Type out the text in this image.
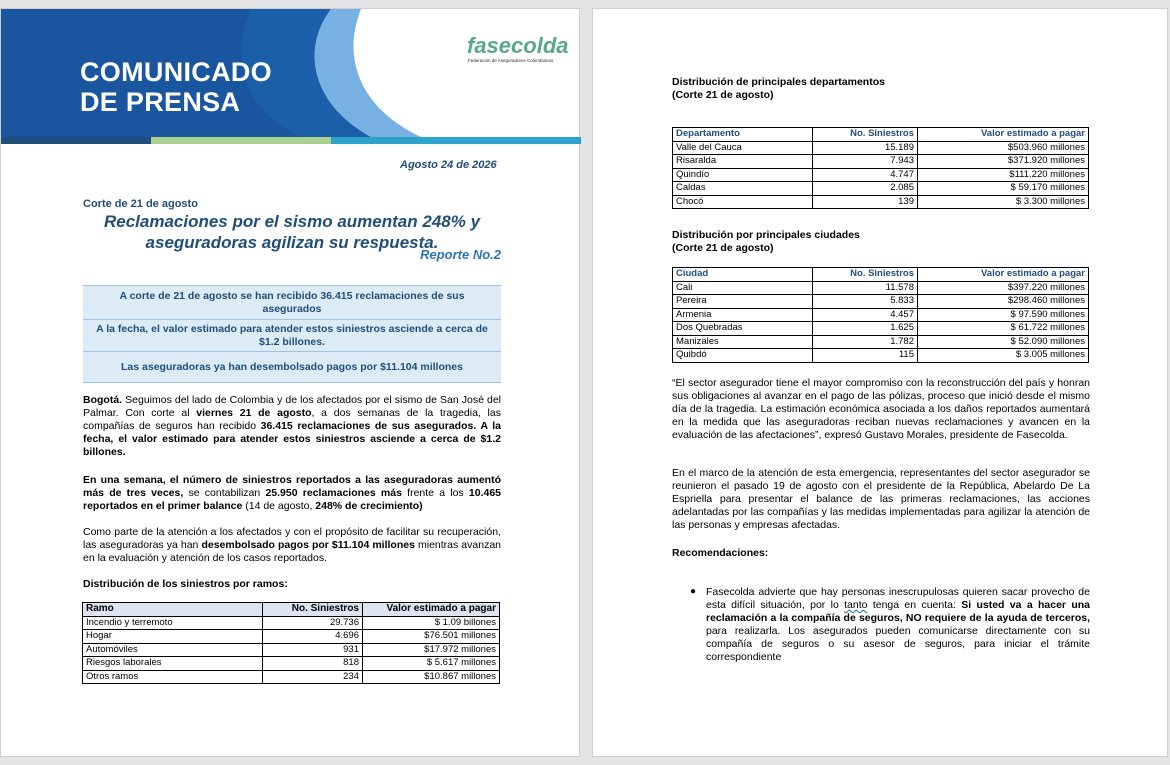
COMUNICADO
DE PRENSA
fasecolda
Federación de Aseguradores Colombianos
Agosto 24 de 2026
Corte de 21 de agosto
Reclamaciones por el sismo aumentan 248% y aseguradoras agilizan su respuesta.
Reporte No.2
A corte de 21 de agosto se han recibido 36.415 reclamaciones de sus asegurados
A la fecha, el valor estimado para atender estos siniestros asciende a cerca de $1.2 billones.
Las aseguradoras ya han desembolsado pagos por $11.104 millones
Bogotá. Seguimos del lado de Colombia y de los afectados por el sismo de San José del Palmar. Con corte al viernes 21 de agosto, a dos semanas de la tragedia, las compañías de seguros han recibido 36.415 reclamaciones de sus asegurados. A la fecha, el valor estimado para atender estos siniestros asciende a cerca de $1.2 billones.
En una semana, el número de siniestros reportados a las aseguradoras aumentó más de tres veces, se contabilizan 25.950 reclamaciones más frente a los 10.465 reportados en el primer balance (14 de agosto, 248% de crecimiento)
Como parte de la atención a los afectados y con el propósito de facilitar su recuperación, las aseguradoras ya han desembolsado pagos por $11.104 millones mientras avanzan en la evaluación y atención de los casos reportados.
Distribución de los siniestros por ramos:
Ramo	No. Siniestros	Valor estimado a pagar
Incendio y terremoto	29.736	$ 1.09 billones
Hogar	4.696	$76.501 millones
Automóviles	931	$17.972 millones
Riesgos laborales	818	$ 5.617 millones
Otros ramos	234	$10.867 millones
Distribución de principales departamentos
(Corte 21 de agosto)
Departamento	No. Siniestros	Valor estimado a pagar
Valle del Cauca	15.189	$503.960 millones
Risaralda	7.943	$371.920 millones
Quindío	4.747	$111.220 millones
Caldas	2.085	$ 59.170 millones
Chocó	139	$ 3.300 millones
Distribución por principales ciudades
(Corte 21 de agosto)
Ciudad	No. Siniestros	Valor estimado a pagar
Cali	11.578	$397.220 millones
Pereira	5.833	$298.460 millones
Armenia	4.457	$ 97.590 millones
Dos Quebradas	1.625	$ 61.722 millones
Manizales	1.782	$ 52.090 millones
Quibdó	115	$ 3.005 millones
“El sector asegurador tiene el mayor compromiso con la reconstrucción del país y honran sus obligaciones al avanzar en el pago de las pólizas, proceso que inició desde el mismo día de la tragedia. La estimación económica asociada a los daños reportados aumentará en la medida que las aseguradoras reciban nuevas reclamaciones y avancen en la evaluación de las afectaciones”, expresó Gustavo Morales, presidente de Fasecolda.
En el marco de la atención de esta emergencia, representantes del sector asegurador se reunieron el pasado 19 de agosto con el presidente de la República, Abelardo De La Espriella para presentar el balance de las primeras reclamaciones, las acciones adelantadas por las compañías y las medidas implementadas para agilizar la atención de las personas y empresas afectadas.
Recomendaciones:
● Fasecolda advierte que hay personas inescrupulosas quieren sacar provecho de esta difícil situación, por lo tanto tenga en cuenta: Si usted va a hacer una reclamación a la compañía de seguros, NO requiere de la ayuda de terceros, para realizarla. Los asegurados pueden comunicarse directamente con su compañía de seguros o su asesor de seguros, para iniciar el trámite correspondiente
